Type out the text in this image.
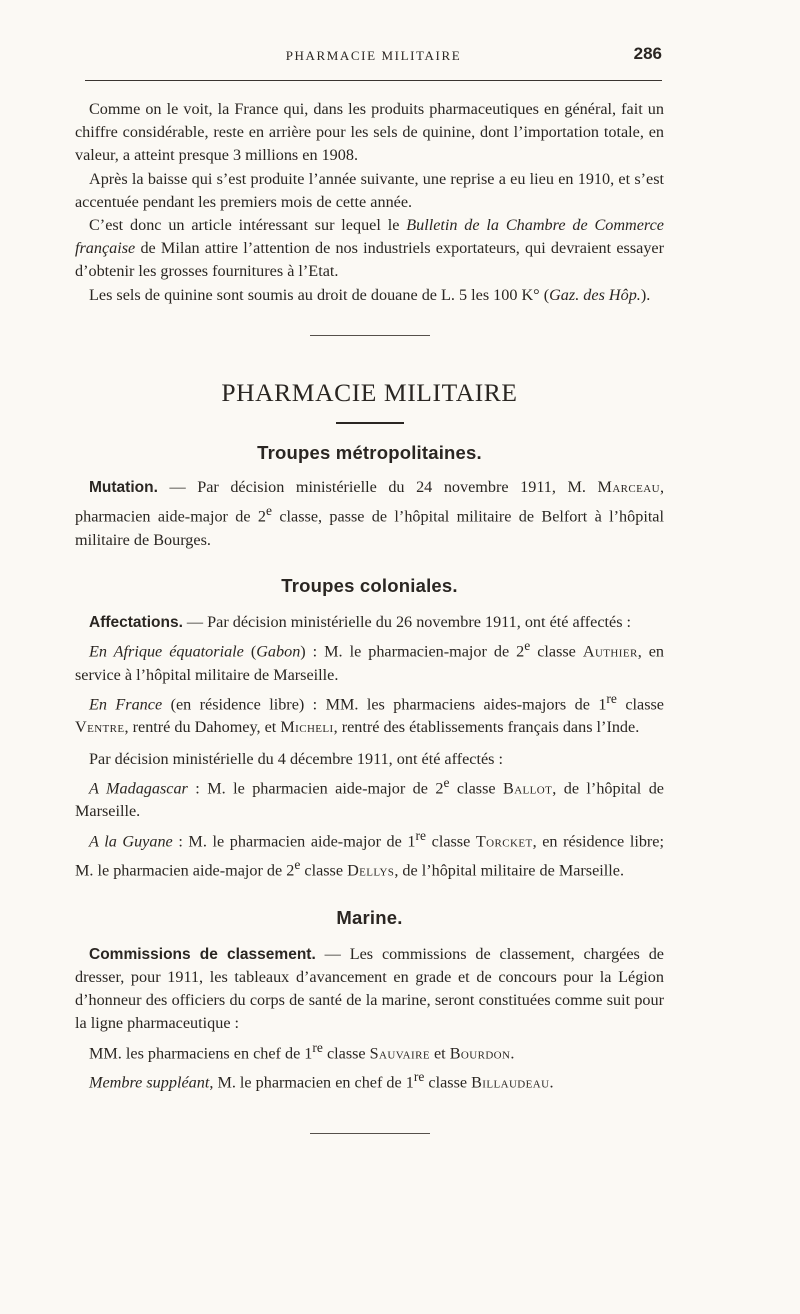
PHARMACIE MILITAIRE	286

Comme on le voit, la France qui, dans les produits pharmaceutiques en général, fait un chiffre considérable, reste en arrière pour les sels de quinine, dont l’importation totale, en valeur, a atteint presque 3 millions en 1908.

Après la baisse qui s’est produite l’année suivante, une reprise a eu lieu en 1910, et s’est accentuée pendant les premiers mois de cette année.

C’est donc un article intéressant sur lequel le Bulletin de la Chambre de Commerce française de Milan attire l’attention de nos industriels exportateurs, qui devraient essayer d’obtenir les grosses fournitures à l’Etat.

Les sels de quinine sont soumis au droit de douane de L. 5 les 100 K° (Gaz. des Hôp.).

PHARMACIE MILITAIRE
Troupes métropolitaines.

Mutation. — Par décision ministérielle du 24 novembre 1911, M. Marceau, pharmacien aide-major de 2e classe, passe de l’hôpital militaire de Belfort à l’hôpital militaire de Bourges.

Troupes coloniales.

Affectations. — Par décision ministérielle du 26 novembre 1911, ont été affectés :

En Afrique équatoriale (Gabon) : M. le pharmacien-major de 2e classe Authier, en service à l’hôpital militaire de Marseille.

En France (en résidence libre) : MM. les pharmaciens aides-majors de 1re classe Ventre, rentré du Dahomey, et Micheli, rentré des établissements français dans l’Inde.

Par décision ministérielle du 4 décembre 1911, ont été affectés :

A Madagascar : M. le pharmacien aide-major de 2e classe Ballot, de l’hôpital de Marseille.

A la Guyane : M. le pharmacien aide-major de 1re classe Torcket, en résidence libre; M. le pharmacien aide-major de 2e classe Dellys, de l’hôpital militaire de Marseille.

Marine.

Commissions de classement. — Les commissions de classement, chargées de dresser, pour 1911, les tableaux d’avancement en grade et de concours pour la Légion d’honneur des officiers du corps de santé de la marine, seront constituées comme suit pour la ligne pharmaceutique :

MM. les pharmaciens en chef de 1re classe Sauvaire et Bourdon.

Membre suppléant, M. le pharmacien en chef de 1re classe Billaudeau.
